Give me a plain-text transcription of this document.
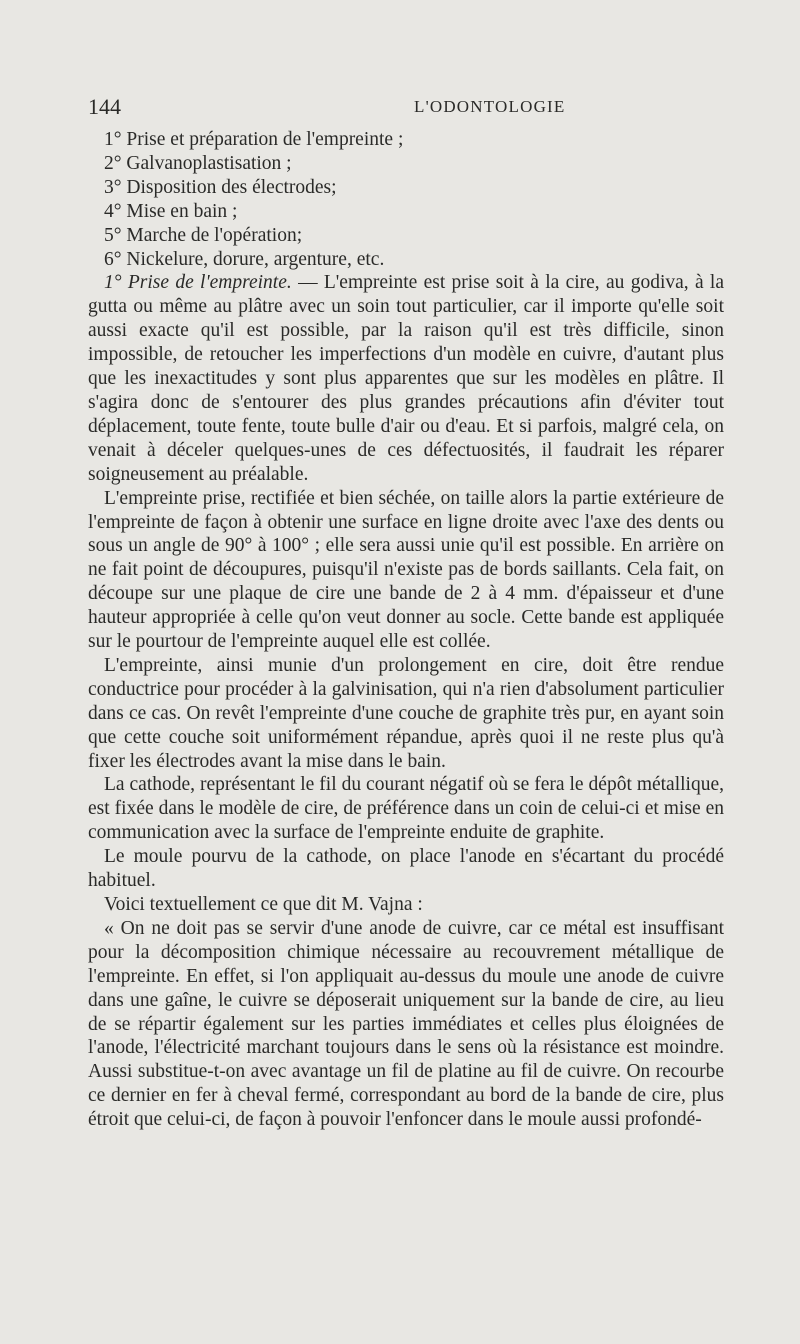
144	L'ODONTOLOGIE

1° Prise et préparation de l'empreinte ;

2° Galvanoplastisation ;

3° Disposition des électrodes;

4° Mise en bain ;

5° Marche de l'opération;

6° Nickelure, dorure, argenture, etc.

1° Prise de l'empreinte. — L'empreinte est prise soit à la cire, au godiva, à la gutta ou même au plâtre avec un soin tout particulier, car il importe qu'elle soit aussi exacte qu'il est possible, par la raison qu'il est très difficile, sinon impossible, de retoucher les imperfections d'un modèle en cuivre, d'autant plus que les inexactitudes y sont plus apparentes que sur les modèles en plâtre. Il s'agira donc de s'entourer des plus grandes précautions afin d'éviter tout déplacement, toute fente, toute bulle d'air ou d'eau. Et si parfois, malgré cela, on venait à déceler quelques-unes de ces défectuosités, il faudrait les réparer soigneusement au préalable.

L'empreinte prise, rectifiée et bien séchée, on taille alors la partie extérieure de l'empreinte de façon à obtenir une surface en ligne droite avec l'axe des dents ou sous un angle de 90° à 100° ; elle sera aussi unie qu'il est possible. En arrière on ne fait point de découpures, puisqu'il n'existe pas de bords saillants. Cela fait, on découpe sur une plaque de cire une bande de 2 à 4 mm. d'épaisseur et d'une hauteur appropriée à celle qu'on veut donner au socle. Cette bande est appliquée sur le pourtour de l'empreinte auquel elle est collée.

L'empreinte, ainsi munie d'un prolongement en cire, doit être rendue conductrice pour procéder à la galvinisation, qui n'a rien d'absolument particulier dans ce cas. On revêt l'empreinte d'une couche de graphite très pur, en ayant soin que cette couche soit uniformément répandue, après quoi il ne reste plus qu'à fixer les électrodes avant la mise dans le bain.

La cathode, représentant le fil du courant négatif où se fera le dépôt métallique, est fixée dans le modèle de cire, de préférence dans un coin de celui-ci et mise en communication avec la surface de l'empreinte enduite de graphite.

Le moule pourvu de la cathode, on place l'anode en s'écartant du procédé habituel.

Voici textuellement ce que dit M. Vajna :

« On ne doit pas se servir d'une anode de cuivre, car ce métal est insuffisant pour la décomposition chimique nécessaire au recouvrement métallique de l'empreinte. En effet, si l'on appliquait au-dessus du moule une anode de cuivre dans une gaîne, le cuivre se déposerait uniquement sur la bande de cire, au lieu de se répartir également sur les parties immédiates et celles plus éloignées de l'anode, l'électricité marchant toujours dans le sens où la résistance est moindre. Aussi substitue-t-on avec avantage un fil de platine au fil de cuivre. On recourbe ce dernier en fer à cheval fermé, correspondant au bord de la bande de cire, plus étroit que celui-ci, de façon à pouvoir l'enfoncer dans le moule aussi profondé-
